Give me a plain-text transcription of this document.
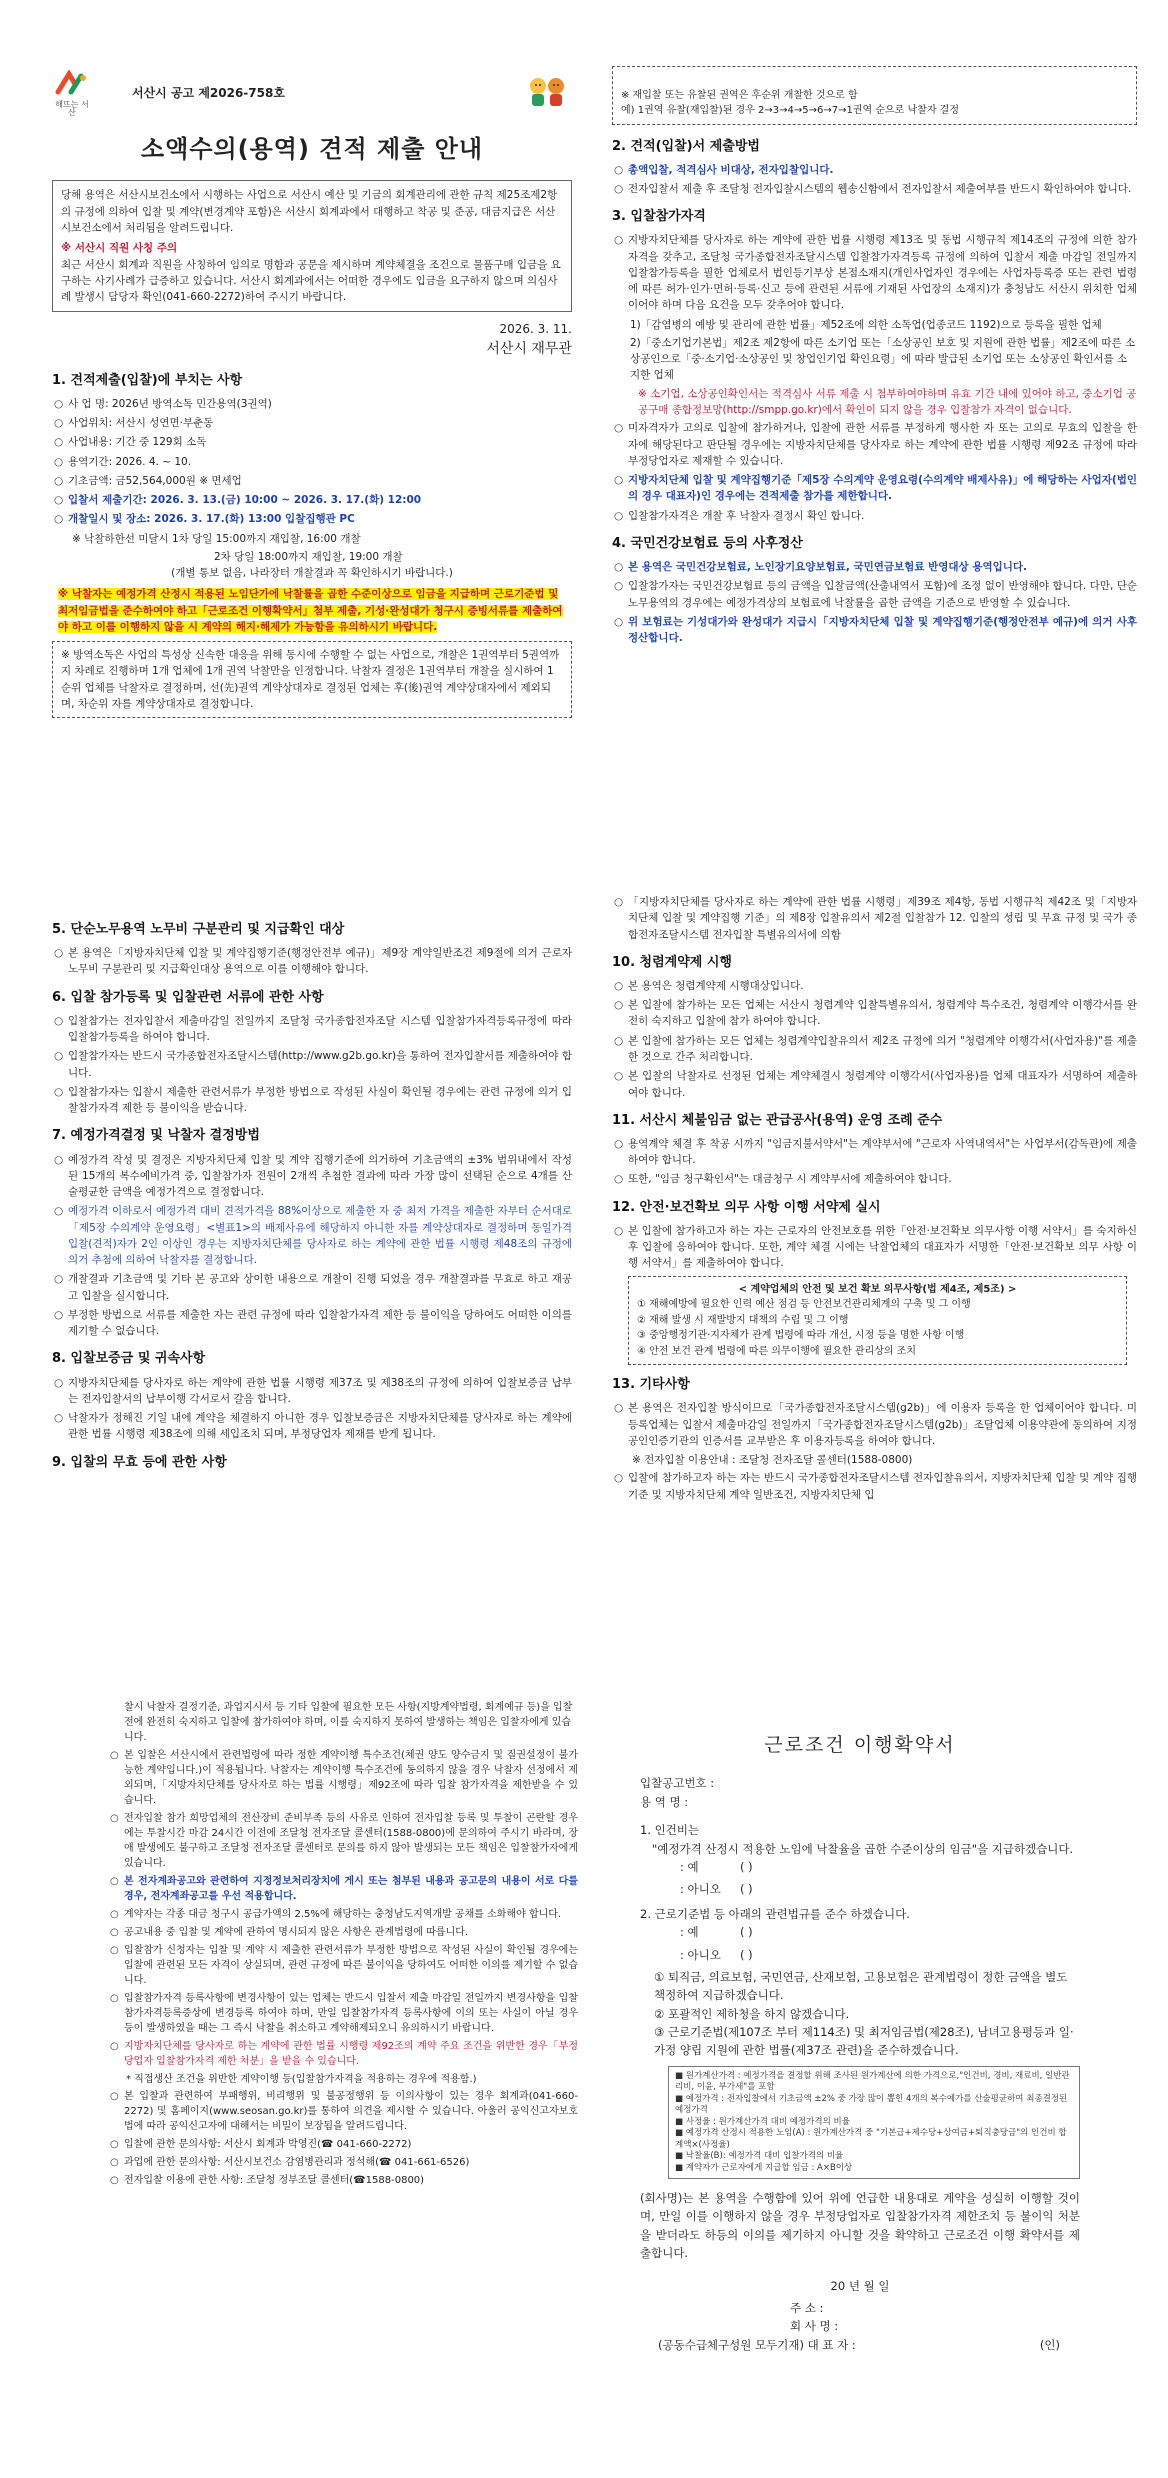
해뜨는 서산
서산시 공고 제2026-758호
소액수의(용역) 견적 제출 안내

당해 용역은 서산시보건소에서 시행하는 사업으로 서산시 예산 및 기금의 회계관리에 관한 규칙 제25조제2항의 규정에 의하여 입찰 및 계약(변경계약 포함)은 서산시 회계과에서 대행하고 착공 및 준공, 대금지급은 서산시보건소에서 처리됨을 알려드립니다.

※ 서산시 직원 사칭 주의

최근 서산시 회계과 직원을 사칭하여 임의로 명함과 공문을 제시하며 계약체결을 조건으로 물품구매 입금을 요구하는 사기사례가 급증하고 있습니다. 서산시 회계과에서는 어떠한 경우에도 입금을 요구하지 않으며 의심사례 발생시 담당자 확인(041-660-2272)하여 주시기 바랍니다.

2026. 3. 11.

서산시 재무관

1. 견적제출(입찰)에 부치는 사항
○ 사 업 명: 2026년 방역소독 민간용역(3권역)
○ 사업위치: 서산시 성연면·부춘동
○ 사업내용: 기간 중 129회 소독
○ 용역기간: 2026. 4. ~ 10.
○ 기초금액: 금52,564,000원 ※ 면세업
○ 입찰서 제출기간: 2026. 3. 13.(금) 10:00 ~ 2026. 3. 17.(화) 12:00
○ 개찰일시 및 장소: 2026. 3. 17.(화) 13:00 입찰집행관 PC
※ 낙찰하한선 미달시 1차 당일 15:00까지 재입찰, 16:00 개찰
2차 당일 18:00까지 재입찰, 19:00 개찰
(개별 통보 없음, 나라장터 개찰결과 꼭 확인하시기 바랍니다.)
※ 낙찰자는 예정가격 산정시 적용된 노임단가에 낙찰률을 곱한 수준이상으로 임금을 지급하며 근로기준법 및 최저임금법을 준수하여야 하고「근로조건 이행확약서」첨부 제출, 기성·완성대가 청구시 증빙서류를 제출하여야 하고 이를 이행하지 않을 시 계약의 해지·해제가 가능함을 유의하시기 바랍니다.
※ 방역소독은 사업의 특성상 신속한 대응을 위해 동시에 수행할 수 없는 사업으로, 개찰은 1권역부터 5권역까지 차례로 진행하며 1개 업체에 1개 권역 낙찰만을 인정합니다. 낙찰자 결정은 1권역부터 개찰을 실시하여 1순위 업체를 낙찰자로 결정하며, 선(先)권역 계약상대자로 결정된 업체는 후(後)권역 계약상대자에서 제외되며, 차순위 자를 계약상대자로 결정합니다.

※ 재입찰 또는 유찰된 권역은 후순위 개찰한 것으로 함
예) 1권역 유찰(재입찰)된 경우 2→3→4→5→6→7→1권역 순으로 낙찰자 결정

2. 견적(입찰)서 제출방법
○ 총액입찰, 적격심사 비대상, 전자입찰입니다.
○ 전자입찰서 제출 후 조달청 전자입찰시스템의 웹송신함에서 전자입찰서 제출여부를 반드시 확인하여야 합니다.
3. 입찰참가자격
○ 지방자치단체를 당사자로 하는 계약에 관한 법률 시행령 제13조 및 동법 시행규칙 제14조의 규정에 의한 참가자격을 갖추고, 조달청 국가종합전자조달시스템 입찰참가자격등록 규정에 의하여 입찰서 제출 마감일 전일까지 입찰참가등록을 필한 업체로서 법인등기부상 본점소재지(개인사업자인 경우에는 사업자등록증 또는 관련 법령에 따른 허가·인가·면허·등록·신고 등에 관련된 서류에 기재된 사업장의 소재지)가 충청남도 서산시 위치한 업체이어야 하며 다음 요건을 모두 갖추어야 합니다.
1)「감염병의 예방 및 관리에 관한 법률」제52조에 의한 소독업(업종코드 1192)으로 등록을 필한 업체
2)「중소기업기본법」제2조 제2항에 따른 소기업 또는「소상공인 보호 및 지원에 관한 법률」제2조에 따른 소상공인으로「중·소기업·소상공인 및 창업인기업 확인요령」에 따라 발급된 소기업 또는 소상공인 확인서를 소지한 업체
※ 소기업, 소상공인확인서는 적격심사 서류 제출 시 첨부하여야하며 유효 기간 내에 있어야 하고, 중소기업 공공구매 종합정보망(http://smpp.go.kr)에서 확인이 되지 않을 경우 입찰참가 자격이 없습니다.
○ 미자격자가 고의로 입찰에 참가하거나, 입찰에 관한 서류를 부정하게 행사한 자 또는 고의로 무효의 입찰을 한 자에 해당된다고 판단될 경우에는 지방자치단체를 당사자로 하는 계약에 관한 법률 시행령 제92조 규정에 따라 부정당업자로 제재할 수 있습니다.
○ 지방자치단체 입찰 및 계약집행기준「제5장 수의계약 운영요령(수의계약 배제사유)」에 해당하는 사업자(법인의 경우 대표자)인 경우에는 견적제출 참가를 제한합니다.
○ 입찰참가자격은 개찰 후 낙찰자 결정시 확인 합니다.
4. 국민건강보험료 등의 사후정산
○ 본 용역은 국민건강보험료, 노인장기요양보험료, 국민연금보험료 반영대상 용역입니다.
○ 입찰참가자는 국민건강보험료 등의 금액을 입찰금액(산출내역서 포함)에 조정 없이 반영해야 합니다. 다만, 단순노무용역의 경우에는 예정가격상의 보험료에 낙찰률을 곱한 금액을 기준으로 반영할 수 있습니다.
○ 위 보험료는 기성대가와 완성대가 지급시「지방자치단체 입찰 및 계약집행기준(행정안전부 예규)에 의거 사후정산합니다.
5. 단순노무용역 노무비 구분관리 및 지급확인 대상
○ 본 용역은「지방자치단체 입찰 및 계약집행기준(행정안전부 예규)」제9장 계약일반조건 제9절에 의거 근로자 노무비 구분관리 및 지급확인대상 용역으로 이를 이행해야 합니다.
6. 입찰 참가등록 및 입찰관련 서류에 관한 사항
○ 입찰참가는 전자입찰서 제출마감일 전일까지 조달청 국가종합전자조달 시스템 입찰참가자격등록규정에 따라 입찰참가등록을 하여야 합니다.
○ 입찰참가자는 반드시 국가종합전자조달시스템(http://www.g2b.go.kr)을 통하여 전자입찰서를 제출하여야 합니다.
○ 입찰참가자는 입찰시 제출한 관련서류가 부정한 방법으로 작성된 사실이 확인될 경우에는 관련 규정에 의거 입찰참가자격 제한 등 불이익을 받습니다.
7. 예정가격결정 및 낙찰자 결정방법
○ 예정가격 작성 및 결정은 지방자치단체 입찰 및 계약 집행기준에 의거하여 기초금액의 ±3% 범위내에서 작성된 15개의 복수예비가격 중, 입찰참가자 전원이 2개씩 추첨한 결과에 따라 가장 많이 선택된 순으로 4개를 산술평균한 금액을 예정가격으로 결정합니다.
○ 예정가격 이하로서 예정가격 대비 견적가격을 88%이상으로 제출한 자 중 최저 가격을 제출한 자부터 순서대로「제5장 수의계약 운영요령」<별표1>의 배제사유에 해당하지 아니한 자를 계약상대자로 결정하며 동일가격 입찰(견적)자가 2인 이상인 경우는 지방자치단체를 당사자로 하는 계약에 관한 법률 시행령 제48조의 규정에 의거 추첨에 의하여 낙찰자를 결정합니다.
○ 개찰결과 기초금액 및 기타 본 공고와 상이한 내용으로 개찰이 진행 되었을 경우 개찰결과를 무효로 하고 재공고 입찰을 실시합니다.
○ 부정한 방법으로 서류를 제출한 자는 관련 규정에 따라 입찰참가자격 제한 등 불이익을 당하여도 어떠한 이의를 제기할 수 없습니다.
8. 입찰보증금 및 귀속사항
○ 지방자치단체를 당사자로 하는 계약에 관한 법률 시행령 제37조 및 제38조의 규정에 의하여 입찰보증금 납부는 전자입찰서의 납부이행 각서로서 갈음 합니다.
○ 낙찰자가 정해진 기일 내에 계약을 체결하지 아니한 경우 입찰보증금은 지방자치단체를 당사자로 하는 계약에 관한 법률 시행령 제38조에 의해 세입조치 되며, 부정당업자 제재를 받게 됩니다.
9. 입찰의 무효 등에 관한 사항
○ 「지방자치단체를 당사자로 하는 계약에 관한 법률 시행령」제39조 제4항, 동법 시행규칙 제42조 및「지방자치단체 입찰 및 계약집행 기준」의 제8장 입찰유의서 제2절 입찰참가 12. 입찰의 성립 및 무효 규정 및 국가 종합전자조달시스템 전자입찰 특별유의서에 의함
10. 청렴계약제 시행
○ 본 용역은 청렴계약제 시행대상입니다.
○ 본 입찰에 참가하는 모든 업체는 서산시 청렴계약 입찰특별유의서, 청렴계약 특수조건, 청렴계약 이행각서를 완전히 숙지하고 입찰에 참가 하여야 합니다.
○ 본 입찰에 참가하는 모든 업체는 청렴계약입찰유의서 제2조 규정에 의거 "청렴계약 이행각서(사업자용)"를 제출한 것으로 간주 처리합니다.
○ 본 입찰의 낙찰자로 선정된 업체는 계약체결시 청렴계약 이행각서(사업자용)를 업체 대표자가 서명하여 제출하여야 합니다.
11. 서산시 체불임금 없는 관급공사(용역) 운영 조례 준수
○ 용역계약 체결 후 착공 시까지 "임금지불서약서"는 계약부서에 "근로자 사역내역서"는 사업부서(감독관)에 제출하여야 합니다.
○ 또한, "임금 청구확인서"는 대금청구 시 계약부서에 제출하여야 합니다.
12. 안전·보건확보 의무 사항 이행 서약제 실시
○ 본 입찰에 참가하고자 하는 자는 근로자의 안전보호를 위한「안전·보건확보 의무사항 이행 서약서」를 숙지하신 후 입찰에 응하여야 합니다. 또한, 계약 체결 시에는 낙찰업체의 대표자가 서명한「안전·보건확보 의무 사항 이행 서약서」를 제출하여야 합니다.
< 계약업체의 안전 및 보건 확보 의무사항(법 제4조, 제5조) >
① 재해예방에 필요한 인력 예산 점검 등 안전보건관리체계의 구축 및 그 이행
② 재해 발생 시 재발방지 대책의 수립 및 그 이행
③ 중앙행정기관·지자체가 관계 법령에 따라 개선, 시정 등을 명한 사항 이행
④ 안전 보건 관계 법령에 따른 의무이행에 필요한 관리상의 조치
13. 기타사항
○ 본 용역은 전자입찰 방식이므로「국가종합전자조달시스템(g2b)」에 이용자 등록을 한 업체이어야 합니다. 미 등록업체는 입찰서 제출마감일 전일까지「국가종합전자조달시스템(g2b)」조달업체 이용약관에 동의하여 지정공인인증기관의 인증서를 교부받은 후 이용자등록을 하여야 합니다.
※ 전자입찰 이용안내 : 조달청 전자조달 콜센터(1588-0800)
○ 입찰에 참가하고자 하는 자는 반드시 국가종합전자조달시스템 전자입찰유의서, 지방자치단체 입찰 및 계약 집행기준 및 지방자치단체 계약 일반조건, 지방자치단체 입

찰시 낙찰자 결정기준, 과업지시서 등 기타 입찰에 필요한 모든 사항(지방계약법령, 회계예규 등)을 입찰 전에 완전히 숙지하고 입찰에 참가하여야 하며, 이를 숙지하지 못하여 발생하는 책임은 입찰자에게 있습니다.

○ 본 입찰은 서산시에서 관련법령에 따라 정한 계약이행 특수조건(체권 양도 양수금지 및 질권설정이 불가능한 계약입니다.)이 적용됩니다. 낙찰자는 계약이행 특수조건에 동의하지 않을 경우 낙찰자 선정에서 제외되며,「지방자치단체를 당사자로 하는 법률 시행령」제92조에 따라 입찰 참가자격을 제한받을 수 있습니다.
○ 전자입찰 참가 희망업체의 전산장비 준비부족 등의 사유로 인하여 전자입찰 등록 및 투찰이 곤란할 경우에는 투찰시간 마감 24시간 이전에 조달청 전자조달 콜센터(1588-0800)에 문의하여 주시기 바라며, 장애 발생에도 불구하고 조달청 전자조달 콜센터로 문의를 하지 않아 발생되는 모든 책임은 입찰참가자에게 있습니다.
○ 본 전자계좌공고와 관련하여 지정정보처리장치에 게시 또는 첨부된 내용과 공고문의 내용이 서로 다를 경우, 전자계좌공고를 우선 적용합니다.
○ 계약자는 각종 대금 청구시 공급가액의 2.5%에 해당하는 충청남도지역개발 공채를 소화해야 합니다.
○ 공고내용 중 입찰 및 계약에 관하여 명시되지 않은 사항은 관계법령에 따릅니다.
○ 입찰참가 신청자는 입찰 및 계약 시 제출한 관련서류가 부정한 방법으로 작성된 사실이 확인될 경우에는 입찰에 관련된 모든 자격이 상실되며, 관련 규정에 따른 불이익을 당하여도 어떠한 이의를 제기할 수 없습니다.
○ 입찰참가자격 등록사항에 변경사항이 있는 업체는 반드시 입찰서 제출 마감일 전일까지 변경사항을 입찰참가자격등록증상에 변경등록 하여야 하며, 만일 입찰참가자격 등록사항에 이의 또는 사실이 아닐 경우 등이 발생하였을 때는 그 즉시 낙찰을 취소하고 계약해제되오니 유의하시기 바랍니다.
○ 지방자치단체를 당사자로 하는 계약에 관한 법률 시행령 제92조의 계약 주요 조건을 위반한 경우「부정당업자 입찰참가자격 제한 처분」을 받을 수 있습니다.
* 직접생산 조건을 위반한 계약이행 등(입찰참가자격을 적용하는 경우에 적용함.)
○ 본 입찰과 관련하여 부패행위, 비리행위 및 불공정행위 등 이의사항이 있는 경우 회계과(041-660-2272) 및 홈페이지(www.seosan.go.kr)를 통하여 의견을 제시할 수 있습니다. 아울러 공익신고자보호법에 따라 공익신고자에 대해서는 비밀이 보장됨을 알려드립니다.
○ 입찰에 관한 문의사항: 서산시 회계과 박영진(☎ 041-660-2272)
○ 과업에 관한 문의사항: 서산시보건소 감염병관리과 정석해(☎ 041-661-6526)
○ 전자입찰 이용에 관한 사항: 조달청 정부조달 콜센터(☎1588-0800)
근로조건 이행확약서

입찰공고번호 :

용 역 명 :

1. 인건비는

"예정가격 산정시 적용한 노임에 낙찰율을 곱한 수준이상의 임금"을 지급하겠습니다.

: 예	( )
: 아니오	( )

2. 근로기준법 등 아래의 관련법규를 준수 하겠습니다.

: 예	( )
: 아니오	( )

① 퇴직금, 의료보험, 국민연금, 산재보험, 고용보험은 관계법령이 정한 금액을 별도 책정하여 지급하겠습니다.

② 포괄적인 제하청을 하지 않겠습니다.

③ 근로기준법(제107조 부터 제114조) 및 최저임금법(제28조), 남녀고용평등과 일·가정 양립 지원에 관한 법률(제37조 관련)을 준수하겠습니다.

■ 원가계산가격 : 예정가격을 결정할 위해 조사된 원가계산에 의한 가격으로,"인건비, 경비, 재료비, 일반관리비, 이윤, 부가세"를 포함

■ 예정가격 : 전자입찰에서 기초금액 ±2% 중 가장 많이 뽑힌 4개의 복수예가를 산술평균하여 최종결정된 예정가격

■ 사정율 : 원가계산가격 대비 예정가격의 비율

■ 예정가격 산정시 적용한 노임(A) : 원가계산가격 중 "기본급+제수당+상여금+퇴직충당금"의 인건비 합계액×(사정율)

■ 낙찰율(B): 예정가격 대비 입찰가격의 비율

■ 계약자가 근로자에게 지급할 임금 : A×B이상

(회사명)는 본 용역을 수행함에 있어 위에 언급한 내용대로 계약을 성실히 이행할 것이며, 만일 이를 이행하지 않을 경우 부정당업자로 입찰참가자격 제한조치 등 불이익 처분을 받더라도 하등의 이의를 제기하지 아니할 것을 확약하고 근로조건 이행 확약서를 제출합니다.

20 년 월 일

주 소 :

회 사 명 :

(공동수급체구성원 모두기재) 대 표 자 :	(인)
